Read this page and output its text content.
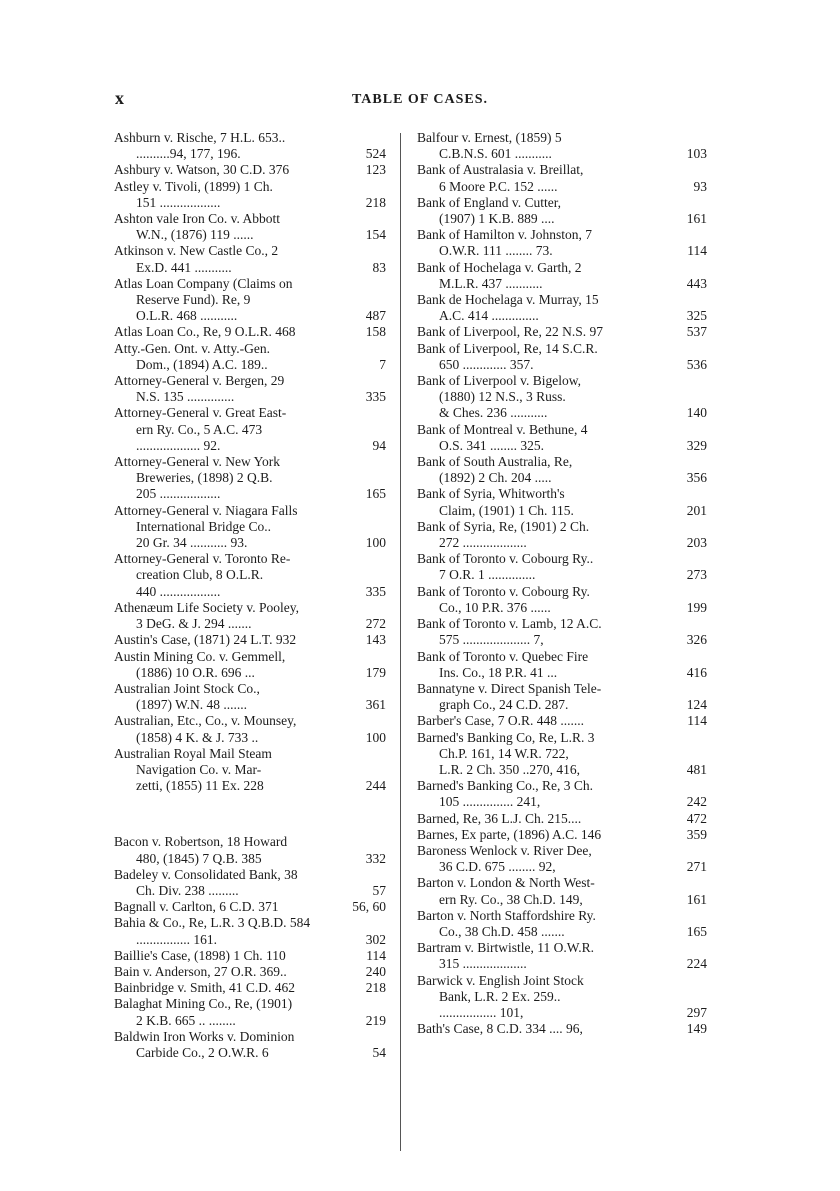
x	TABLE OF CASES.
Ashburn v. Rische, 7 H.L. 653..
..........94, 177, 196.	524
Ashbury v. Watson, 30 C.D. 376	123
Astley v. Tivoli, (1899) 1 Ch.
151 ..................	218
Ashton vale Iron Co. v. Abbott
W.N., (1876) 119 ......	154
Atkinson v. New Castle Co., 2
Ex.D. 441 ...........	83
Atlas Loan Company (Claims on
Reserve Fund). Re, 9
O.L.R. 468 ...........	487
Atlas Loan Co., Re, 9 O.L.R. 468	158
Atty.-Gen. Ont. v. Atty.-Gen.
Dom., (1894) A.C. 189..	7
Attorney-General v. Bergen, 29
N.S. 135 ..............	335
Attorney-General v. Great East-
ern Ry. Co., 5 A.C. 473
................... 92.	94
Attorney-General v. New York
Breweries, (1898) 2 Q.B.
205 ..................	165
Attorney-General v. Niagara Falls
International Bridge Co..
20 Gr. 34 ........... 93.	100
Attorney-General v. Toronto Re-
creation Club, 8 O.L.R.
440 ..................	335
Athenæum Life Society v. Pooley,
3 DeG. & J. 294 .......	272
Austin's Case, (1871) 24 L.T. 932	143
Austin Mining Co. v. Gemmell,
(1886) 10 O.R. 696 ...	179
Australian Joint Stock Co.,
(1897) W.N. 48 .......	361
Australian, Etc., Co., v. Mounsey,
(1858) 4 K. & J. 733 ..	100
Australian Royal Mail Steam
Navigation Co. v. Mar-
zetti, (1855) 11 Ex. 228	244
Bacon v. Robertson, 18 Howard
480, (1845) 7 Q.B. 385	332
Badeley v. Consolidated Bank, 38
Ch. Div. 238 .........	57
Bagnall v. Carlton, 6 C.D. 371	56, 60
Bahia & Co., Re, L.R. 3 Q.B.D. 584
................ 161.	302
Baillie's Case, (1898) 1 Ch. 110	114
Bain v. Anderson, 27 O.R. 369..	240
Bainbridge v. Smith, 41 C.D. 462	218
Balaghat Mining Co., Re, (1901)
2 K.B. 665 .. ........	219
Baldwin Iron Works v. Dominion
Carbide Co., 2 O.W.R. 6	54
Balfour v. Ernest, (1859) 5
C.B.N.S. 601 ...........	103
Bank of Australasia v. Breillat,
6 Moore P.C. 152 ......	93
Bank of England v. Cutter,
(1907) 1 K.B. 889 ....	161
Bank of Hamilton v. Johnston, 7
O.W.R. 111 ........ 73.	114
Bank of Hochelaga v. Garth, 2
M.L.R. 437 ...........	443
Bank de Hochelaga v. Murray, 15
A.C. 414 ..............	325
Bank of Liverpool, Re, 22 N.S. 97	537
Bank of Liverpool, Re, 14 S.C.R.
650 ............. 357.	536
Bank of Liverpool v. Bigelow,
(1880) 12 N.S., 3 Russ.
& Ches. 236 ...........	140
Bank of Montreal v. Bethune, 4
O.S. 341 ........ 325.	329
Bank of South Australia, Re,
(1892) 2 Ch. 204 .....	356
Bank of Syria, Whitworth's
Claim, (1901) 1 Ch. 115.	201
Bank of Syria, Re, (1901) 2 Ch.
272 ...................	203
Bank of Toronto v. Cobourg Ry..
7 O.R. 1 ..............	273
Bank of Toronto v. Cobourg Ry.
Co., 10 P.R. 376 ......	199
Bank of Toronto v. Lamb, 12 A.C.
575 .................... 7,	326
Bank of Toronto v. Quebec Fire
Ins. Co., 18 P.R. 41 ...	416
Bannatyne v. Direct Spanish Tele-
graph Co., 24 C.D. 287.	124
Barber's Case, 7 O.R. 448 .......	114
Barned's Banking Co, Re, L.R. 3
Ch.P. 161, 14 W.R. 722,
L.R. 2 Ch. 350 ..270, 416,	481
Barned's Banking Co., Re, 3 Ch.
105 ............... 241,	242
Barned, Re, 36 L.J. Ch. 215....	472
Barnes, Ex parte, (1896) A.C. 146	359
Baroness Wenlock v. River Dee,
36 C.D. 675 ........ 92,	271
Barton v. London & North West-
ern Ry. Co., 38 Ch.D. 149,	161
Barton v. North Staffordshire Ry.
Co., 38 Ch.D. 458 .......	165
Bartram v. Birtwistle, 11 O.W.R.
315 ...................	224
Barwick v. English Joint Stock
Bank, L.R. 2 Ex. 259..
................. 101,	297
Bath's Case, 8 C.D. 334 .... 96,	149
